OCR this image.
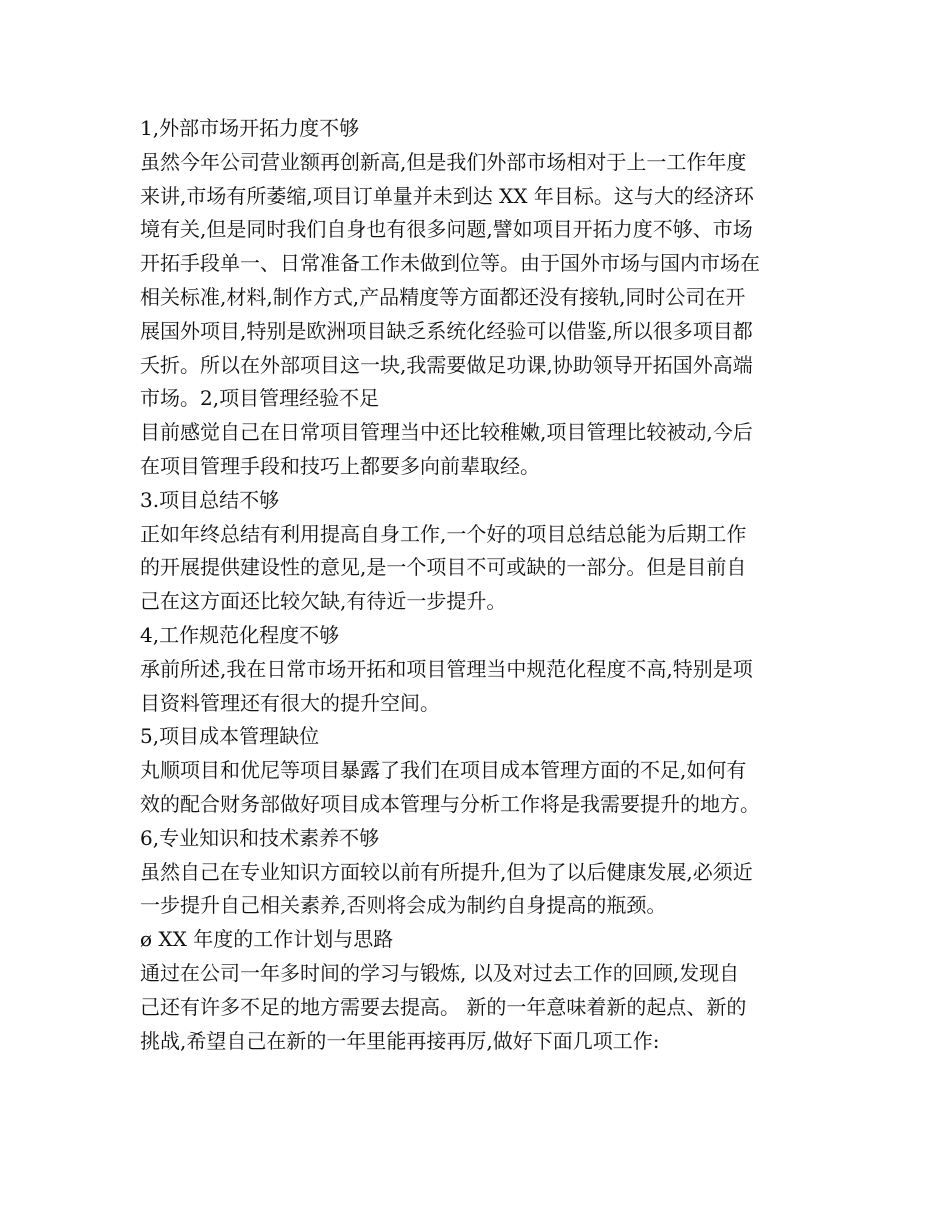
1,外部市场开拓力度不够
虽然今年公司营业额再创新高,但是我们外部市场相对于上一工作年度
来讲,市场有所萎缩,项目订单量并未到达 XX 年目标。这与大的经济环
境有关,但是同时我们自身也有很多问题,譬如项目开拓力度不够、市场
开拓手段单一、日常准备工作未做到位等。由于国外市场与国内市场在
相关标准,材料,制作方式,产品精度等方面都还没有接轨,同时公司在开
展国外项目,特别是欧洲项目缺乏系统化经验可以借鉴,所以很多项目都
夭折。所以在外部项目这一块,我需要做足功课,协助领导开拓国外高端
市场。2,项目管理经验不足
目前感觉自己在日常项目管理当中还比较稚嫩,项目管理比较被动,今后
在项目管理手段和技巧上都要多向前辈取经。
3.项目总结不够
正如年终总结有利用提高自身工作,一个好的项目总结总能为后期工作
的开展提供建设性的意见,是一个项目不可或缺的一部分。但是目前自
己在这方面还比较欠缺,有待近一步提升。
4,工作规范化程度不够
承前所述,我在日常市场开拓和项目管理当中规范化程度不高,特别是项
目资料管理还有很大的提升空间。
5,项目成本管理缺位
丸顺项目和优尼等项目暴露了我们在项目成本管理方面的不足,如何有
效的配合财务部做好项目成本管理与分析工作将是我需要提升的地方。
6,专业知识和技术素养不够
虽然自己在专业知识方面较以前有所提升,但为了以后健康发展,必须近
一步提升自己相关素养,否则将会成为制约自身提高的瓶颈。
ø XX 年度的工作计划与思路
通过在公司一年多时间的学习与锻炼, 以及对过去工作的回顾,发现自
己还有许多不足的地方需要去提高。 新的一年意味着新的起点、新的
挑战,希望自己在新的一年里能再接再厉,做好下面几项工作:
